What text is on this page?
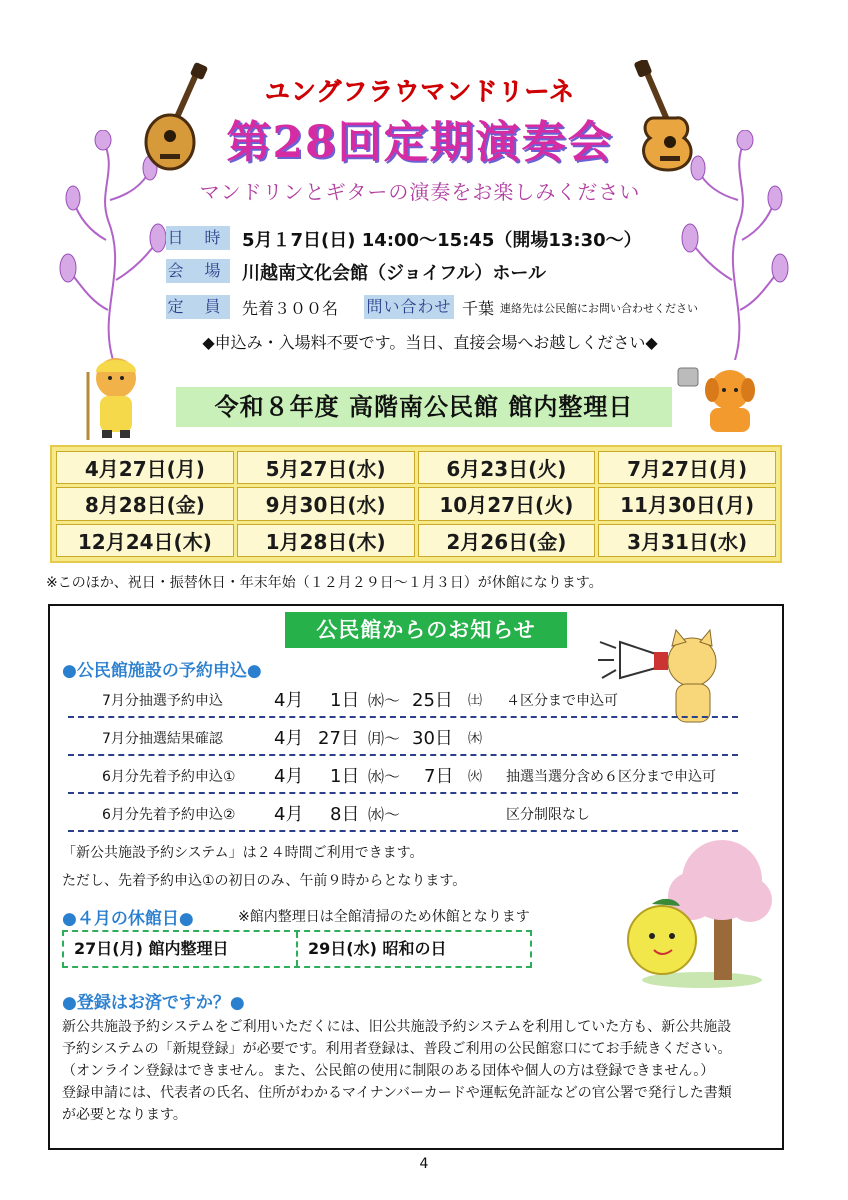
ユングフラウマンドリーネ
第28回定期演奏会
マンドリンとギターの演奏をお楽しみください
日 時 5月１7日(日) 14:00～15:45（開場13:30～）
会 場 川越南文化会館（ジョイフル）ホール
定 員 先着３００名 問い合わせ 千葉 連絡先は公民館にお問い合わせください
◆申込み・入場料不要です。当日、直接会場へお越しください◆
令和８年度 高階南公民館 館内整理日
4月27日(月)	5月27日(水)	6月23日(火)	7月27日(月)
8月28日(金)	9月30日(水)	10月27日(火)	11月30日(月)
12月24日(木)	1月28日(木)	2月26日(金)	3月31日(水)
※このほか、祝日・振替休日・年末年始（１２月２９日～１月３日）が休館になります。
公民館からのお知らせ
●公民館施設の予約申込●
7月分抽選予約申込	4月 1日 ㈬～ 25日 ㈯ ４区分まで申込可
7月分抽選結果確認	4月 27日 ㈪～ 30日 ㈭
6月分先着予約申込① 4月 1日 ㈬～ 7日 ㈫ 抽選当選分含め６区分まで申込可
6月分先着予約申込② 4月 8日 ㈬～	区分制限なし
「新公共施設予約システム」は２４時間ご利用できます。
ただし、先着予約申込①の初日のみ、午前９時からとなります。
●４月の休館日●	※館内整理日は全館清掃のため休館となります
27日(月) 館内整理日	29日(水) 昭和の日
●登録はお済ですか？●
新公共施設予約システムをご利用いただくには、旧公共施設予約システムを利用していた方も、新公共施設
予約システムの「新規登録」が必要です。利用者登録は、普段ご利用の公民館窓口にてお手続きください。
（オンライン登録はできません。また、公民館の使用に制限のある団体や個人の方は登録できません。）
登録申請には、代表者の氏名、住所がわかるマイナンバーカードや運転免許証などの官公署で発行した書類
が必要となります。
4
